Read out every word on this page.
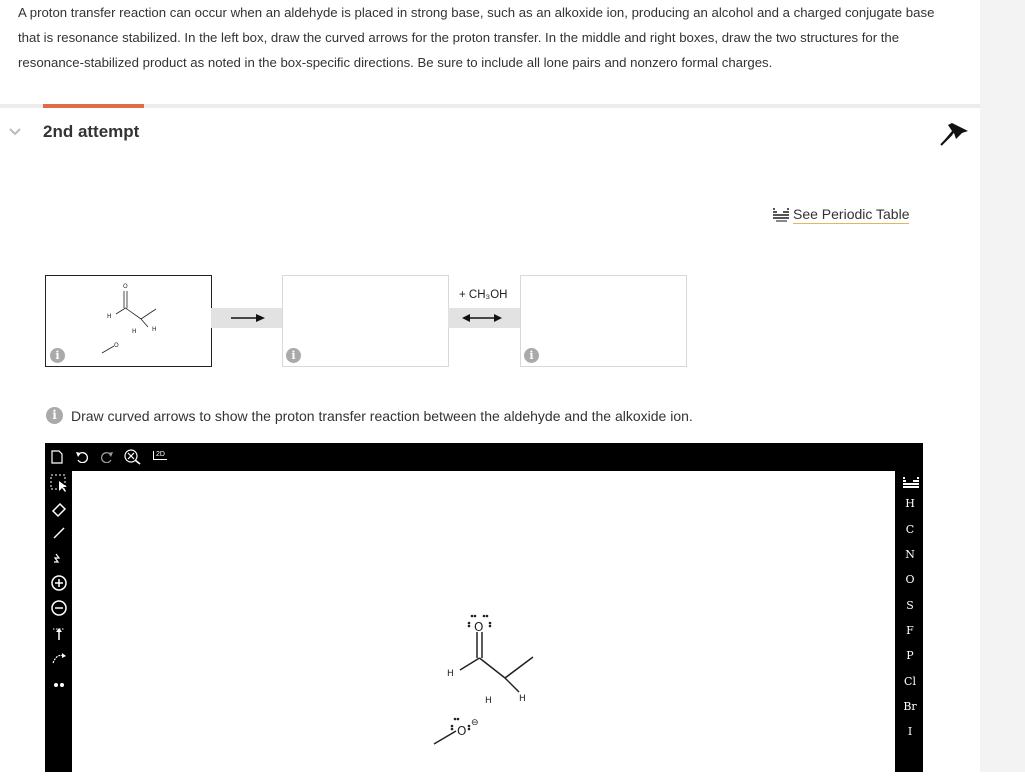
A proton transfer reaction can occur when an aldehyde is placed in strong base, such as an alkoxide ion, producing an alcohol and a charged conjugate base that is resonance stabilized. In the left box, draw the curved arrows for the proton transfer. In the middle and right boxes, draw the two structures for the resonance-stabilized product as noted in the box-specific directions. Be sure to include all lone pairs and nonzero formal charges.
2nd attempt
See Periodic Table
O
H
H	H
O
+ CH₃OH
i	i	i
i	Draw curved arrows to show the proton transfer reaction between the aldehyde and the alkoxide ion.
2D
H
C
N
O
S
F
P
Cl
Br
I
O
H
H	H
O
⊖
